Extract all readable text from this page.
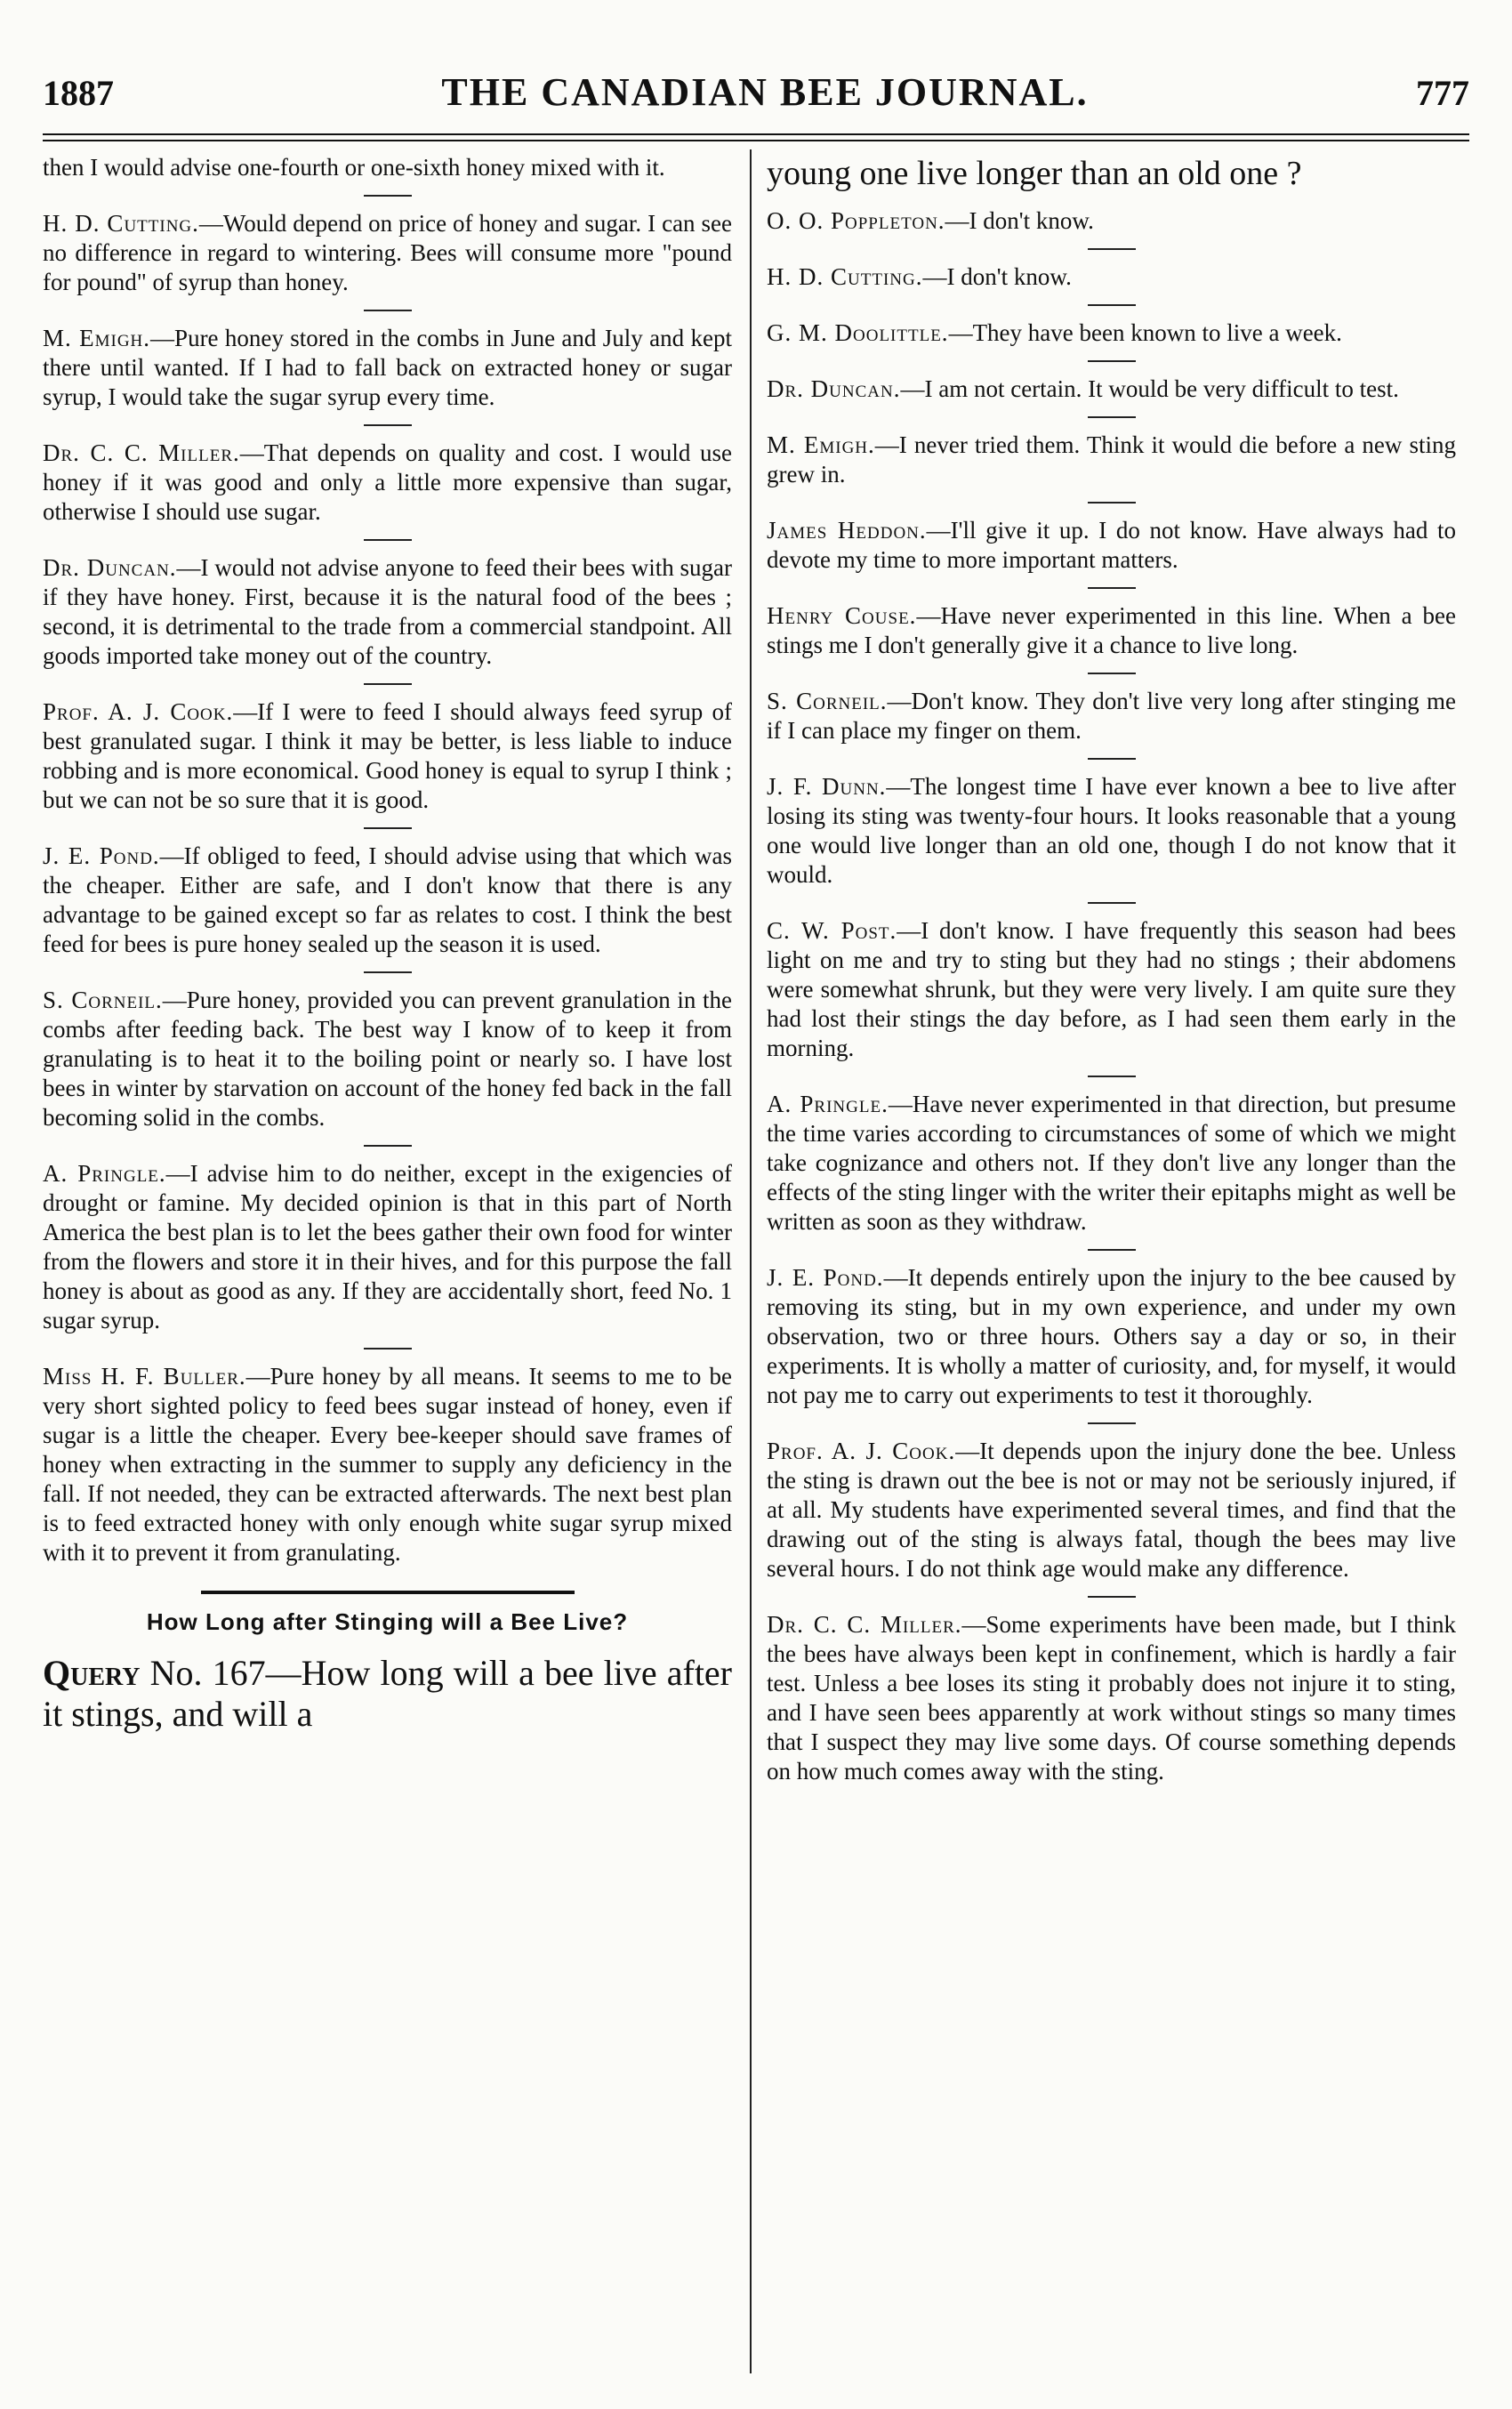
1887	THE CANADIAN BEE JOURNAL.	777

then I would advise one-fourth or one-sixth honey mixed with it.

H. D. Cutting.—Would depend on price of honey and sugar. I can see no difference in regard to wintering. Bees will consume more "pound for pound" of syrup than honey.

M. Emigh.—Pure honey stored in the combs in June and July and kept there until wanted. If I had to fall back on extracted honey or sugar syrup, I would take the sugar syrup every time.

Dr. C. C. Miller.—That depends on quality and cost. I would use honey if it was good and only a little more expensive than sugar, otherwise I should use sugar.

Dr. Duncan.—I would not advise anyone to feed their bees with sugar if they have honey. First, because it is the natural food of the bees ; second, it is detrimental to the trade from a commercial standpoint. All goods imported take money out of the country.

Prof. A. J. Cook.—If I were to feed I should always feed syrup of best granulated sugar. I think it may be better, is less liable to induce robbing and is more economical. Good honey is equal to syrup I think ; but we can not be so sure that it is good.

J. E. Pond.—If obliged to feed, I should advise using that which was the cheaper. Either are safe, and I don't know that there is any advantage to be gained except so far as relates to cost. I think the best feed for bees is pure honey sealed up the season it is used.

S. Corneil.—Pure honey, provided you can prevent granulation in the combs after feeding back. The best way I know of to keep it from granulating is to heat it to the boiling point or nearly so. I have lost bees in winter by starvation on account of the honey fed back in the fall becoming solid in the combs.

A. Pringle.—I advise him to do neither, except in the exigencies of drought or famine. My decided opinion is that in this part of North America the best plan is to let the bees gather their own food for winter from the flowers and store it in their hives, and for this purpose the fall honey is about as good as any. If they are accidentally short, feed No. 1 sugar syrup.

Miss H. F. Buller.—Pure honey by all means. It seems to me to be very short sighted policy to feed bees sugar instead of honey, even if sugar is a little the cheaper. Every bee-keeper should save frames of honey when extracting in the summer to supply any deficiency in the fall. If not needed, they can be extracted afterwards. The next best plan is to feed extracted honey with only enough white sugar syrup mixed with it to prevent it from granulating.

How Long after Stinging will a Bee Live?

Query No. 167—How long will a bee live after it stings, and will a

young one live longer than an old one ?

O. O. Poppleton.—I don't know.

H. D. Cutting.—I don't know.

G. M. Doolittle.—They have been known to live a week.

Dr. Duncan.—I am not certain. It would be very difficult to test.

M. Emigh.—I never tried them. Think it would die before a new sting grew in.

James Heddon.—I'll give it up. I do not know. Have always had to devote my time to more important matters.

Henry Couse.—Have never experimented in this line. When a bee stings me I don't generally give it a chance to live long.

S. Corneil.—Don't know. They don't live very long after stinging me if I can place my finger on them.

J. F. Dunn.—The longest time I have ever known a bee to live after losing its sting was twenty-four hours. It looks reasonable that a young one would live longer than an old one, though I do not know that it would.

C. W. Post.—I don't know. I have frequently this season had bees light on me and try to sting but they had no stings ; their abdomens were somewhat shrunk, but they were very lively. I am quite sure they had lost their stings the day before, as I had seen them early in the morning.

A. Pringle.—Have never experimented in that direction, but presume the time varies according to circumstances of some of which we might take cognizance and others not. If they don't live any longer than the effects of the sting linger with the writer their epitaphs might as well be written as soon as they withdraw.

J. E. Pond.—It depends entirely upon the injury to the bee caused by removing its sting, but in my own experience, and under my own observation, two or three hours. Others say a day or so, in their experiments. It is wholly a matter of curiosity, and, for myself, it would not pay me to carry out experiments to test it thoroughly.

Prof. A. J. Cook.—It depends upon the injury done the bee. Unless the sting is drawn out the bee is not or may not be seriously injured, if at all. My students have experimented several times, and find that the drawing out of the sting is always fatal, though the bees may live several hours. I do not think age would make any difference.

Dr. C. C. Miller.—Some experiments have been made, but I think the bees have always been kept in confinement, which is hardly a fair test. Unless a bee loses its sting it probably does not injure it to sting, and I have seen bees apparently at work without stings so many times that I suspect they may live some days. Of course something depends on how much comes away with the sting.
